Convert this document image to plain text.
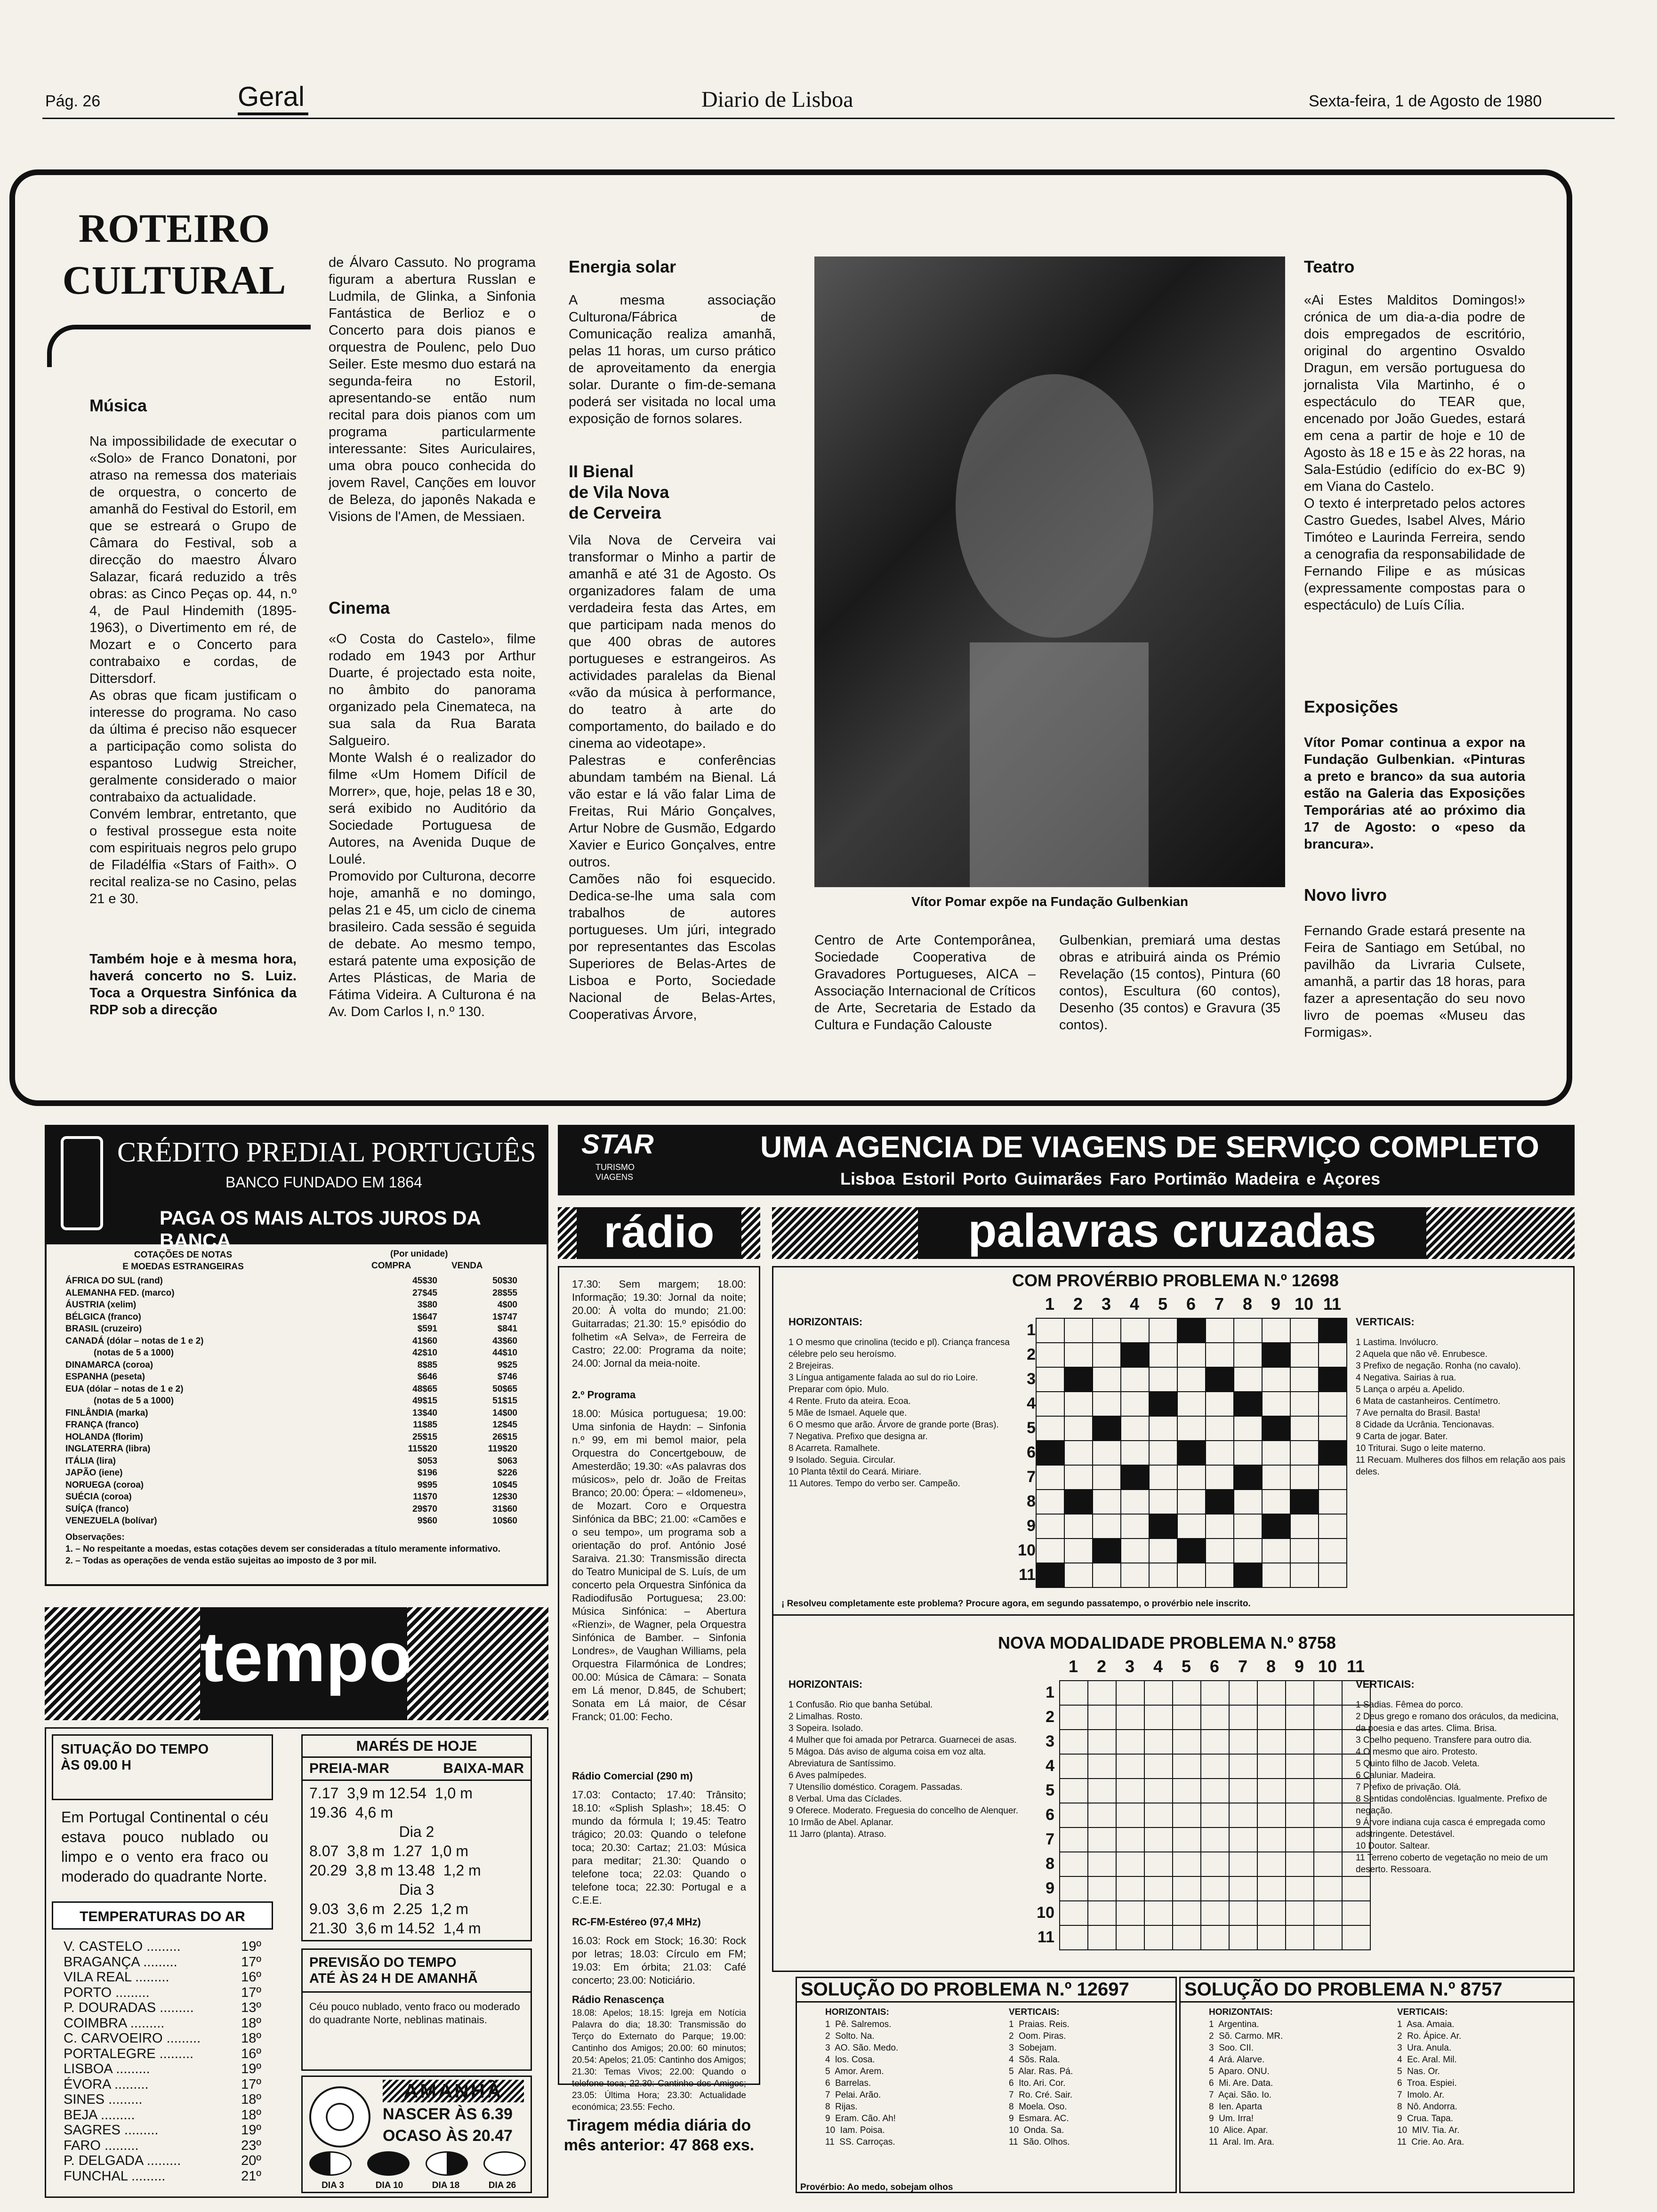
Pág. 26	Geral	Diario de Lisboa	Sexta-feira, 1 de Agosto de 1980
ROTEIRO CULTURAL
Música
Na impossibilidade de executar o «Solo» de Franco Donatoni, por atraso na remessa dos materiais de orquestra, o concerto de amanhã do Festival do Estoril, em que se estreará o Grupo de Câmara do Festival, sob a direcção do maestro Álvaro Salazar, ficará reduzido a três obras: as Cinco Peças op. 44, n.º 4, de Paul Hindemith (1895-1963), o Divertimento em ré, de Mozart e o Concerto para contrabaixo e cordas, de Dittersdorf.
As obras que ficam justificam o interesse do programa. No caso da última é preciso não esquecer a participação como solista do espantoso Ludwig Streicher, geralmente considerado o maior contrabaixo da actualidade.
Convém lembrar, entretanto, que o festival prossegue esta noite com espirituais negros pelo grupo de Filadélfia «Stars of Faith». O recital realiza-se no Casino, pelas 21 e 30.
Também hoje e à mesma hora, haverá concerto no S. Luiz. Toca a Orquestra Sinfónica da RDP sob a direcção
de Álvaro Cassuto. No programa figuram a abertura Russlan e Ludmila, de Glinka, a Sinfonia Fantástica de Berlioz e o Concerto para dois pianos e orquestra de Poulenc, pelo Duo Seiler. Este mesmo duo estará na segunda-feira no Estoril, apresentando-se então num recital para dois pianos com um programa particularmente interessante: Sites Auriculaires, uma obra pouco conhecida do jovem Ravel, Canções em louvor de Beleza, do japonês Nakada e Visions de l'Amen, de Messiaen.
Cinema
«O Costa do Castelo», filme rodado em 1943 por Arthur Duarte, é projectado esta noite, no âmbito do panorama organizado pela Cinemateca, na sua sala da Rua Barata Salgueiro.
Monte Walsh é o realizador do filme «Um Homem Difícil de Morrer», que, hoje, pelas 18 e 30, será exibido no Auditório da Sociedade Portuguesa de Autores, na Avenida Duque de Loulé.
Promovido por Culturona, decorre hoje, amanhã e no domingo, pelas 21 e 45, um ciclo de cinema brasileiro. Cada sessão é seguida de debate. Ao mesmo tempo, estará patente uma exposição de Artes Plásticas, de Maria de Fátima Videira. A Culturona é na Av. Dom Carlos I, n.º 130.
Energia solar
A mesma associação Culturona/Fábrica de Comunicação realiza amanhã, pelas 11 horas, um curso prático de aproveitamento da energia solar. Durante o fim-de-semana poderá ser visitada no local uma exposição de fornos solares.
II Bienal
de Vila Nova
de Cerveira
Vila Nova de Cerveira vai transformar o Minho a partir de amanhã e até 31 de Agosto. Os organizadores falam de uma verdadeira festa das Artes, em que participam nada menos do que 400 obras de autores portugueses e estrangeiros. As actividades paralelas da Bienal «vão da música à performance, do teatro à arte do comportamento, do bailado e do cinema ao videotape».
Palestras e conferências abundam também na Bienal. Lá vão estar e lá vão falar Lima de Freitas, Rui Mário Gonçalves, Artur Nobre de Gusmão, Edgardo Xavier e Eurico Gonçalves, entre outros.
Camões não foi esquecido. Dedica-se-lhe uma sala com trabalhos de autores portugueses. Um júri, integrado por representantes das Escolas Superiores de Belas-Artes de Lisboa e Porto, Sociedade Nacional de Belas-Artes, Cooperativas Árvore,
Vítor Pomar expõe na Fundação Gulbenkian
Centro de Arte Contemporânea, Sociedade Cooperativa de Gravadores Portugueses, AICA – Associação Internacional de Críticos de Arte, Secretaria de Estado da Cultura e Fundação Calouste
Gulbenkian, premiará uma destas obras e atribuirá ainda os Prémio Revelação (15 contos), Pintura (60 contos), Escultura (60 contos), Desenho (35 contos) e Gravura (35 contos).
Teatro
«Ai Estes Malditos Domingos!» crónica de um dia-a-dia podre de dois empregados de escritório, original do argentino Osvaldo Dragun, em versão portuguesa do jornalista Vila Martinho, é o espectáculo do TEAR que, encenado por João Guedes, estará em cena a partir de hoje e 10 de Agosto às 18 e 15 e às 22 horas, na Sala-Estúdio (edifício do ex-BC 9) em Viana do Castelo.
O texto é interpretado pelos actores Castro Guedes, Isabel Alves, Mário Timóteo e Laurinda Ferreira, sendo a cenografia da responsabilidade de Fernando Filipe e as músicas (expressamente compostas para o espectáculo) de Luís Cília.
Exposições
Vítor Pomar continua a expor na Fundação Gulbenkian. «Pinturas a preto e branco» da sua autoria estão na Galeria das Exposições Temporárias até ao próximo dia 17 de Agosto: o «peso da brancura».
Novo livro
Fernando Grade estará presente na Feira de Santiago em Setúbal, no pavilhão da Livraria Culsete, amanhã, a partir das 18 horas, para fazer a apresentação do seu novo livro de poemas «Museu das Formigas».
CRÉDITO PREDIAL PORTUGUÊS
BANCO FUNDADO EM 1864
PAGA OS MAIS ALTOS JUROS DA BANCA
COTAÇÕES DE NOTAS
E MOEDAS ESTRANGEIRAS
(Por unidade)
COMPRA	VENDA
ÁFRICA DO SUL (rand)	45$30	50$30
ALEMANHA FED. (marco)	27$45	28$55
ÁUSTRIA (xelim)	3$80	4$00
BÉLGICA (franco)	1$647	1$747
BRASIL (cruzeiro)	$591	$841
CANADÁ (dólar – notas de 1 e 2)	41$60	43$60
(notas de 5 a 1000)	42$10	44$10
DINAMARCA (coroa)	8$85	9$25
ESPANHA (peseta)	$646	$746
EUA (dólar – notas de 1 e 2)	48$65	50$65
(notas de 5 a 1000)	49$15	51$15
FINLÂNDIA (marka)	13$40	14$00
FRANÇA (franco)	11$85	12$45
HOLANDA (florim)	25$15	26$15
INGLATERRA (libra)	115$20	119$20
ITÁLIA (lira)	$053	$063
JAPÃO (iene)	$196	$226
NORUEGA (coroa)	9$95	10$45
SUÉCIA (coroa)	11$70	12$30
SUÍÇA (franco)	29$70	31$60
VENEZUELA (bolívar)	9$60	10$60
Observações:
1. – No respeitante a moedas, estas cotações devem ser consideradas a título meramente informativo.
2. – Todas as operações de venda estão sujeitas ao imposto de 3 por mil.
tempo
SITUAÇÃO DO TEMPO
ÀS 09.00 H
Em Portugal Continental o céu estava pouco nublado ou limpo e o vento era fraco ou moderado do quadrante Norte.
TEMPERATURAS DO AR
V. CASTELO .........	19º
BRAGANÇA .........	17º
VILA REAL .........	16º
PORTO .........	17º
P. DOURADAS .........	13º
COIMBRA .........	18º
C. CARVOEIRO .........	18º
PORTALEGRE .........	16º
LISBOA .........	19º
ÉVORA .........	17º
SINES .........	18º
BEJA .........	18º
SAGRES .........	19º
FARO .........	23º
P. DELGADA .........	20º
FUNCHAL .........	21º
MARÉS DE HOJE
PREIA-MAR	BAIXA-MAR
7.17  3,9 m 12.54  1,0 m
19.36  4,6 m
Dia 2
8.07  3,8 m  1.27  1,0 m
20.29  3,8 m 13.48  1,2 m
Dia 3
9.03  3,6 m  2.25  1,2 m
21.30  3,6 m 14.52  1,4 m
PREVISÃO DO TEMPO
ATÉ ÀS 24 H DE AMANHÃ
Céu pouco nublado, vento fraco ou moderado do quadrante Norte, neblinas matinais.
AMANHÃ
NASCER ÀS 6.39
OCASO ÀS 20.47
DIA 3	DIA 10	DIA 18	DIA 26
STAR
TURISMO VIAGENS
UMA AGENCIA DE VIAGENS DE SERVIÇO COMPLETO
Lisboa Estoril Porto Guimarães Faro Portimão Madeira e Açores
rádio
17.30: Sem margem; 18.00: Informação; 19.30: Jornal da noite; 20.00: À volta do mundo; 21.00: Guitarradas; 21.30: 15.º episódio do folhetim «A Selva», de Ferreira de Castro; 22.00: Programa da noite; 24.00: Jornal da meia-noite.
2.º Programa
18.00: Música portuguesa; 19.00: Uma sinfonia de Haydn: – Sinfonia n.º 99, em mi bemol maior, pela Orquestra do Concertgebouw, de Amesterdão; 19.30: «As palavras dos músicos», pelo dr. João de Freitas Branco; 20.00: Ópera: – «Idomeneu», de Mozart. Coro e Orquestra Sinfónica da BBC; 21.00: «Camões e o seu tempo», um programa sob a orientação do prof. António José Saraiva. 21.30: Transmissão directa do Teatro Municipal de S. Luís, de um concerto pela Orquestra Sinfónica da Radiodifusão Portuguesa; 23.00: Música Sinfónica: – Abertura «Rienzi», de Wagner, pela Orquestra Sinfónica de Bamber. – Sinfonia Londres», de Vaughan Williams, pela Orquestra Filarmónica de Londres; 00.00: Música de Câmara: – Sonata em Lá menor, D.845, de Schubert; Sonata em Lá maior, de César Franck; 01.00: Fecho.
Rádio Comercial (290 m)
17.03: Contacto; 17.40: Trânsito; 18.10: «Splish Splash»; 18.45: O mundo da fórmula I; 19.45: Teatro trágico; 20.03: Quando o telefone toca; 20.30: Cartaz; 21.03: Música para meditar; 21.30: Quando o telefone toca; 22.03: Quando o telefone toca; 22.30: Portugal e a C.E.E.
RC-FM-Estéreo (97,4 MHz)
16.03: Rock em Stock; 16.30: Rock por letras; 18.03: Círculo em FM; 19.03: Em órbita; 21.03: Café concerto; 23.00: Noticiário.
Rádio Renascença
18.08: Apelos; 18.15: Igreja em Notícia Palavra do dia; 18.30: Transmissão do Terço do Externato do Parque; 19.00: Cantinho dos Amigos; 20.00: 60 minutos; 20.54: Apelos; 21.05: Cantinho dos Amigos; 21.30: Temas Vivos; 22.00: Quando o telefone toca; 22.30: Cantinho dos Amigos; 23.05: Última Hora; 23.30: Actualidade económica; 23.55: Fecho.
Tiragem média diária do mês anterior: 47 868 exs.
palavras cruzadas
COM PROVÉRBIO PROBLEMA N.º 12698
1	2	3	4	5	6	7	8	9 10 11
1
2
3
4
5
6
7
8
9
10
11

HORIZONTAIS:
1 O mesmo que crinolina (tecido e pl). Criança francesa célebre pelo seu heroísmo.
2 Brejeiras.
3 Língua antigamente falada ao sul do rio Loire. Preparar com ópio. Mulo.
4 Rente. Fruto da ateira. Ecoa.
5 Mãe de Ismael. Aquele que.
6 O mesmo que arão. Árvore de grande porte (Bras).
7 Negativa. Prefixo que designa ar.
8 Acarreta. Ramalhete.
9 Isolado. Seguia. Circular.
10 Planta têxtil do Ceará. Miriare.
11 Autores. Tempo do verbo ser. Campeão.
VERTICAIS:
1 Lastima. Invólucro.
2 Aquela que não vê. Enrubesce.
3 Prefixo de negação. Ronha (no cavalo).
4 Negativa. Sairias à rua.
5 Lança o arpéu a. Apelido.
6 Mata de castanheiros. Centímetro.
7 Ave pernalta do Brasil. Basta!
8 Cidade da Ucrânia. Tencionavas.
9 Carta de jogar. Bater.
10 Triturai. Sugo o leite materno.
11 Recuam. Mulheres dos filhos em relação aos pais deles.
¡ Resolveu completamente este problema? Procure agora, em segundo passatempo, o provérbio nele inscrito.
NOVA MODALIDADE PROBLEMA N.º 8758
1	2	3	4	5	6	7	8	9 10 11
1
2
3
4
5
6
7
8
9
10
11

HORIZONTAIS:
1 Confusão. Rio que banha Setúbal.
2 Limalhas. Rosto.
3 Sopeira. Isolado.
4 Mulher que foi amada por Petrarca. Guarnecei de asas.
5 Mágoa. Dás aviso de alguma coisa em voz alta. Abreviatura de Santíssimo.
6 Aves palmípedes.
7 Utensílio doméstico. Coragem. Passadas.
8 Verbal. Uma das Cíclades.
9 Oferece. Moderato. Freguesia do concelho de Alenquer.
10 Irmão de Abel. Aplanar.
11 Jarro (planta). Atraso.
VERTICAIS:
1 Sadias. Fêmea do porco.
2 Deus grego e romano dos oráculos, da medicina, da poesia e das artes. Clima. Brisa.
3 Coelho pequeno. Transfere para outro dia.
4 O mesmo que airo. Protesto.
5 Quinto filho de Jacob. Veleta.
6 Caluniar. Madeira.
7 Prefixo de privação. Olá.
8 Sentidas condolências. Igualmente. Prefixo de negação.
9 Árvore indiana cuja casca é empregada como adstringente. Detestável.
10 Doutor. Saltear.
11 Terreno coberto de vegetação no meio de um deserto. Ressoara.
SOLUÇÃO DO PROBLEMA N.º 12697
HORIZONTAIS:
1  Pê. Salremos.
2  Solto. Na.
3  AO. São. Medo.
4  los. Cosa.
5  Amor. Arem.
6  Barrelas.
7  Pelai. Arão.
8  Rijas.
9  Eram. Cão. Ah!
10  Iam. Poisa.
11  SS. Carroças.
VERTICAIS:
1  Praias. Reis.
2  Oom. Piras.
3  Sobejam.
4  Sõs. Rala.
5  Alar. Ras. Pá.
6  Ito. Ari. Cor.
7  Ro. Cré. Sair.
8  Moela. Oso.
9  Esmara. AC.
10  Onda. Sa.
11  São. Olhos.
SOLUÇÃO DO PROBLEMA N.º 8757
HORIZONTAIS:
1  Argentina.
2  Sõ. Carmo. MR.
3  Soo. CII.
4  Ará. Alarve.
5  Aparo. ONU.
6  Mi. Are. Data.
7  Açai. São. Io.
8  Ien. Aparta
9  Um. Irra!
10  Alice. Apar.
11  Aral. Im. Ara.
VERTICAIS:
1  Asa. Amaia.
2  Ro. Ápice. Ar.
3  Ura. Anula.
4  Ec. Aral. Mil.
5  Nas. Or.
6  Troa. Espiei.
7  Imolo. Ar.
8  Nô. Andorra.
9  Crua. Tapa.
10  MIV. Tia. Ar.
11  Crie. Ao. Ara.
Provérbio: Ao medo, sobejam olhos
